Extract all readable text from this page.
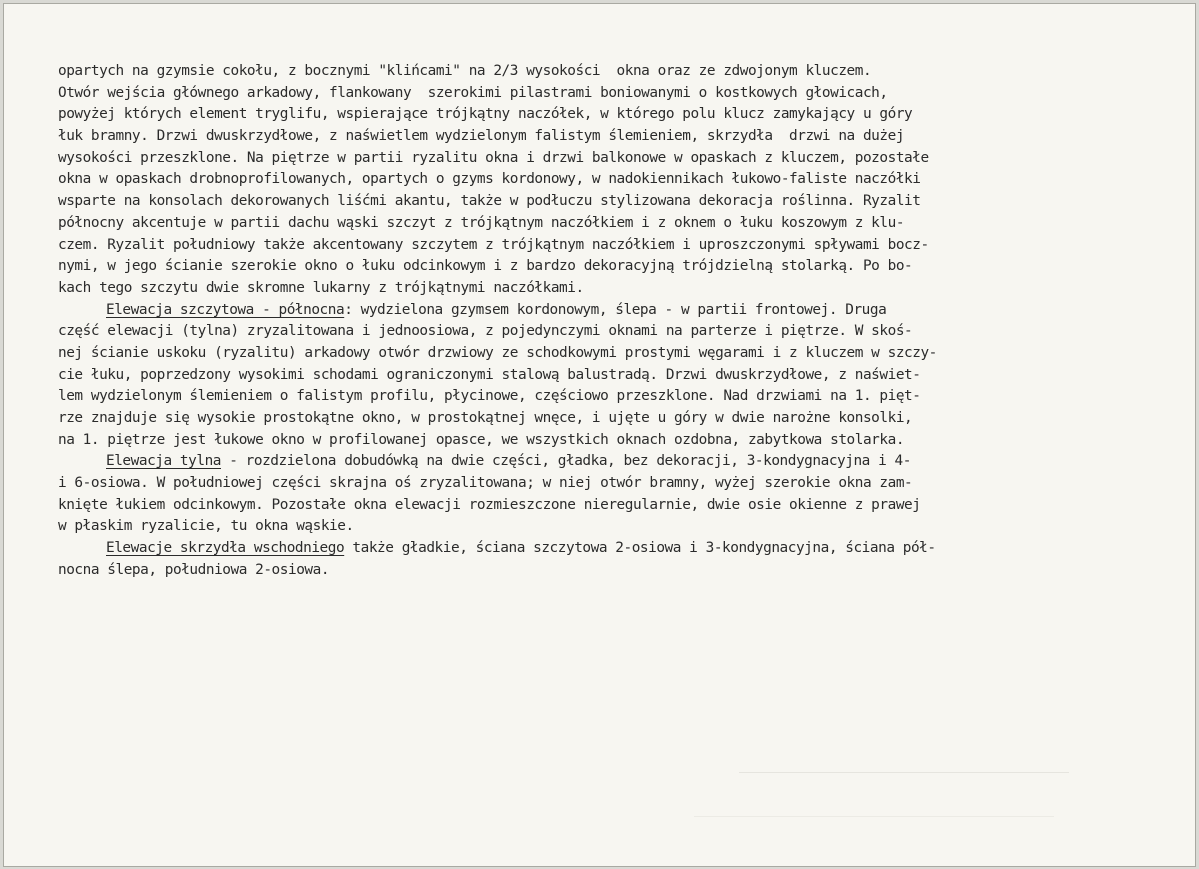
opartych na gzymsie cokołu, z bocznymi "klińcami" na 2/3 wysokości  okna oraz ze zdwojonym kluczem.
Otwór wejścia głównego arkadowy, flankowany  szerokimi pilastrami boniowanymi o kostkowych głowicach,
powyżej których element tryglifu, wspierające trójkątny naczółek, w którego polu klucz zamykający u góry
łuk bramny. Drzwi dwuskrzydłowe, z naświetlem wydzielonym falistym ślemieniem, skrzydła  drzwi na dużej
wysokości przeszklone. Na piętrze w partii ryzalitu okna i drzwi balkonowe w opaskach z kluczem, pozostałe
okna w opaskach drobnoprofilowanych, opartych o gzyms kordonowy, w nadokiennikach łukowo-faliste naczółki
wsparte na konsolach dekorowanych liśćmi akantu, także w podłuczu stylizowana dekoracja roślinna. Ryzalit
północny akcentuje w partii dachu wąski szczyt z trójkątnym naczółkiem i z oknem o łuku koszowym z klu-
czem. Ryzalit południowy także akcentowany szczytem z trójkątnym naczółkiem i uproszczonymi spływami bocz-
nymi, w jego ścianie szerokie okno o łuku odcinkowym i z bardzo dekoracyjną trójdzielną stolarką. Po bo-
kach tego szczytu dwie skromne lukarny z trójkątnymi naczółkami.
Elewacja szczytowa - północna: wydzielona gzymsem kordonowym, ślepa - w partii frontowej. Druga
część elewacji (tylna) zryzalitowana i jednoosiowa, z pojedynczymi oknami na parterze i piętrze. W skoś-
nej ścianie uskoku (ryzalitu) arkadowy otwór drzwiowy ze schodkowymi prostymi węgarami i z kluczem w szczy-
cie łuku, poprzedzony wysokimi schodami ograniczonymi stalową balustradą. Drzwi dwuskrzydłowe, z naświet-
lem wydzielonym ślemieniem o falistym profilu, płycinowe, częściowo przeszklone. Nad drzwiami na 1. pięt-
rze znajduje się wysokie prostokątne okno, w prostokątnej wnęce, i ujęte u góry w dwie narożne konsolki,
na 1. piętrze jest łukowe okno w profilowanej opasce, we wszystkich oknach ozdobna, zabytkowa stolarka.
Elewacja tylna - rozdzielona dobudówką na dwie części, gładka, bez dekoracji, 3-kondygnacyjna i 4-
i 6-osiowa. W południowej części skrajna oś zryzalitowana; w niej otwór bramny, wyżej szerokie okna zam-
knięte łukiem odcinkowym. Pozostałe okna elewacji rozmieszczone nieregularnie, dwie osie okienne z prawej
w płaskim ryzalicie, tu okna wąskie.
Elewacje skrzydła wschodniego także gładkie, ściana szczytowa 2-osiowa i 3-kondygnacyjna, ściana pół-
nocna ślepa, południowa 2-osiowa.
